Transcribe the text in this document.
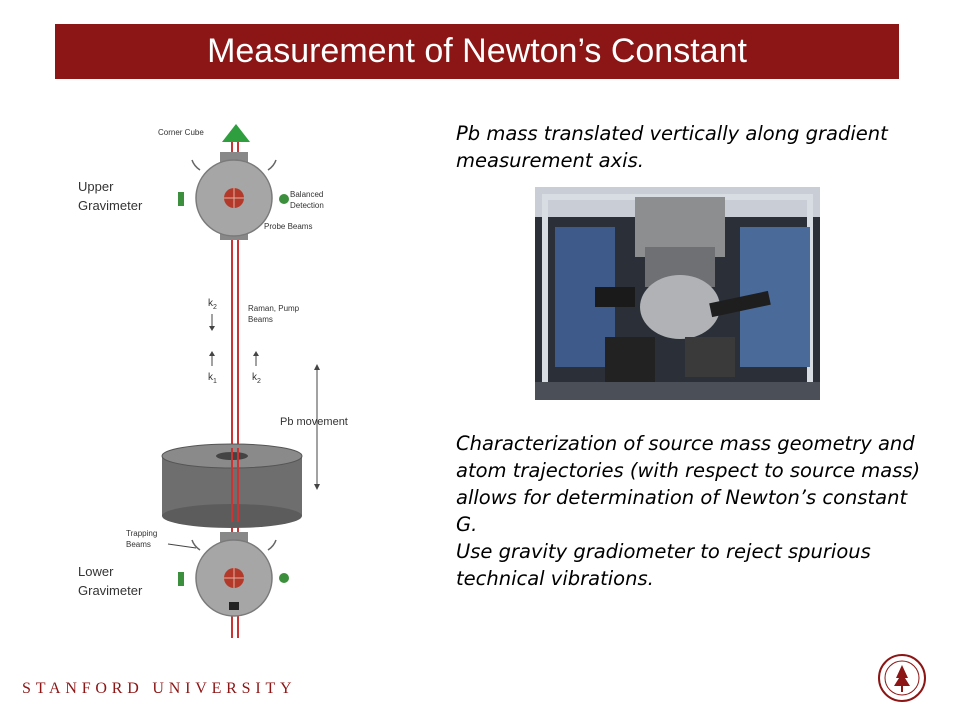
Measurement of Newton’s Constant
Corner Cube
Upper
Gravimeter
Balanced
Detection
Probe Beams
$k_2$	Raman, Pump
Beams
$k_1$	$k_2$
Pb movement
Trapping
Beams
Lower
Gravimeter
Pb mass translated vertically along gradient measurement axis.
Characterization of source mass geometry and atom trajectories (with respect to source mass) allows for determination of Newton’s constant G.
Use gravity gradiometer to reject spurious technical vibrations.
STANFORD UNIVERSITY
